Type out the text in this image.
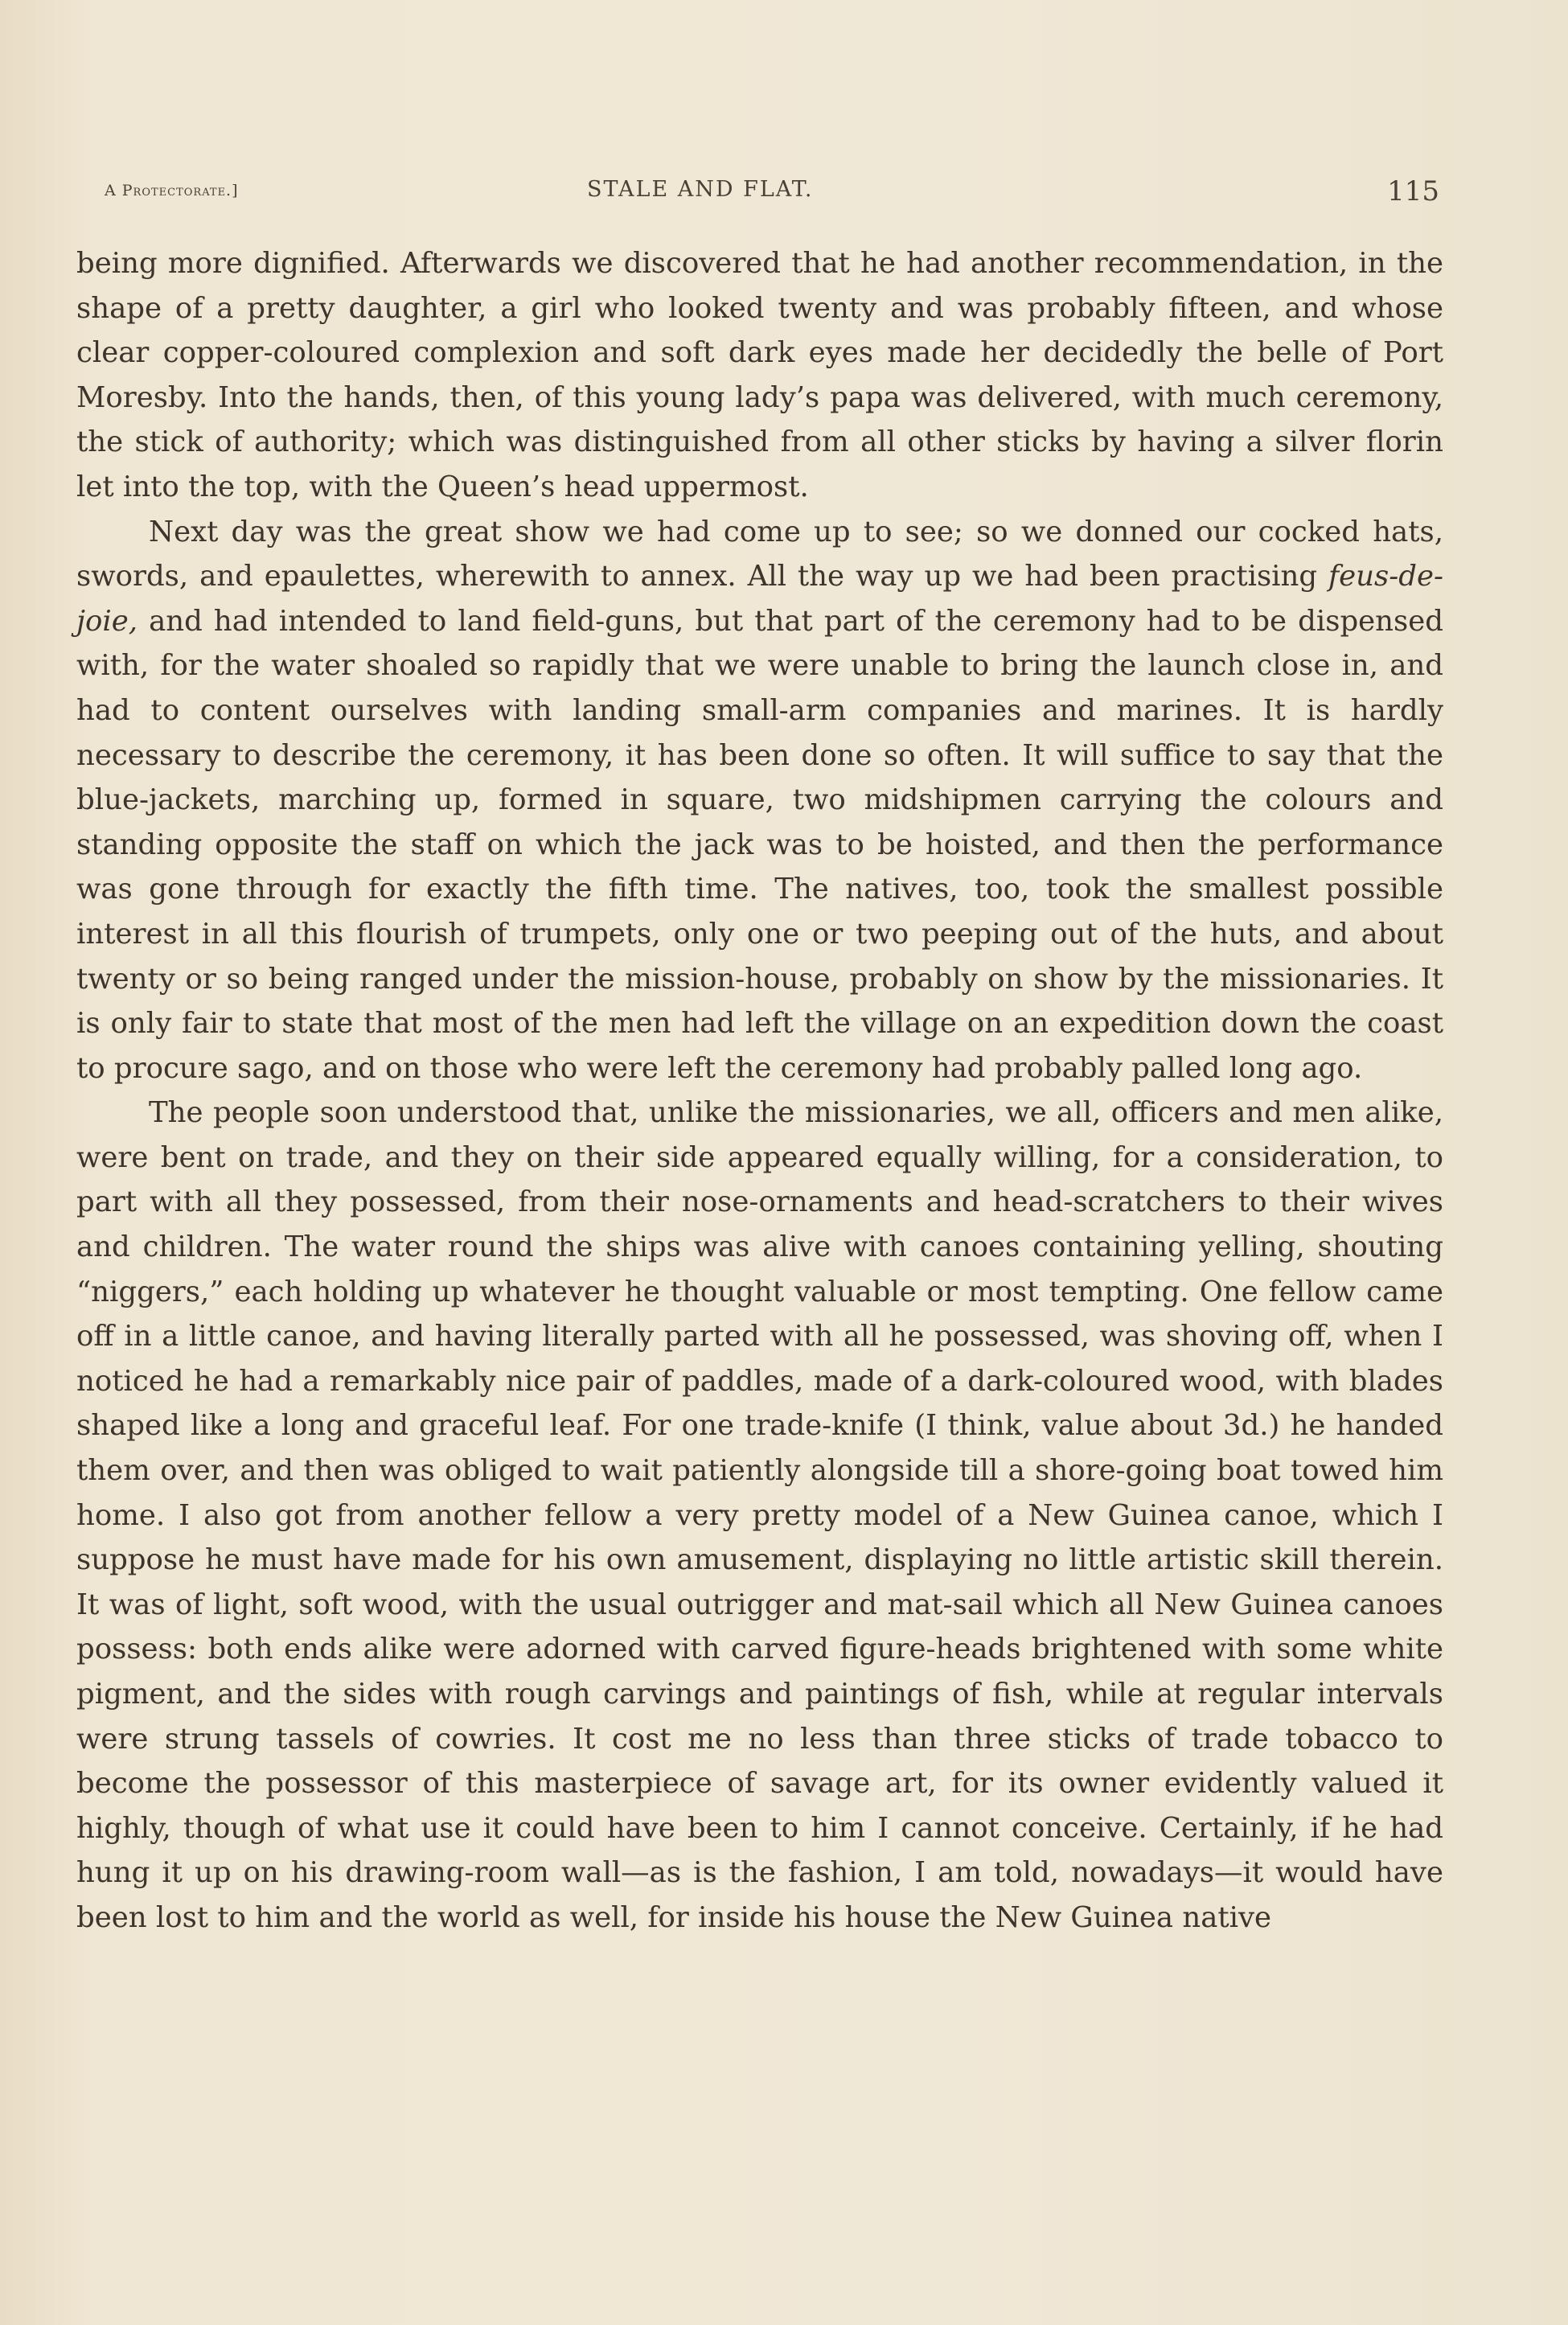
A Protectorate.]	STALE AND FLAT.	115

being more dignified. Afterwards we discovered that he had another recommendation, in the shape of a pretty daughter, a girl who looked twenty and was probably fifteen, and whose clear copper-coloured complexion and soft dark eyes made her decidedly the belle of Port Moresby. Into the hands, then, of this young lady’s papa was delivered, with much ceremony, the stick of authority; which was distinguished from all other sticks by having a silver florin let into the top, with the Queen’s head uppermost.

Next day was the great show we had come up to see; so we donned our cocked hats, swords, and epaulettes, wherewith to annex. All the way up we had been practising feus-de-joie, and had intended to land field-guns, but that part of the ceremony had to be dispensed with, for the water shoaled so rapidly that we were unable to bring the launch close in, and had to content ourselves with landing small-arm companies and marines. It is hardly necessary to describe the ceremony, it has been done so often. It will suffice to say that the blue-jackets, marching up, formed in square, two midshipmen carrying the colours and standing opposite the staff on which the jack was to be hoisted, and then the performance was gone through for exactly the fifth time. The natives, too, took the smallest possible interest in all this flourish of trumpets, only one or two peeping out of the huts, and about twenty or so being ranged under the mission-house, probably on show by the missionaries. It is only fair to state that most of the men had left the village on an expedition down the coast to procure sago, and on those who were left the ceremony had probably palled long ago.

The people soon understood that, unlike the missionaries, we all, officers and men alike, were bent on trade, and they on their side appeared equally willing, for a consideration, to part with all they possessed, from their nose-ornaments and head-scratchers to their wives and children. The water round the ships was alive with canoes containing yelling, shouting “niggers,” each holding up whatever he thought valuable or most tempting. One fellow came off in a little canoe, and having literally parted with all he possessed, was shoving off, when I noticed he had a remarkably nice pair of paddles, made of a dark-coloured wood, with blades shaped like a long and graceful leaf. For one trade-knife (I think, value about 3d.) he handed them over, and then was obliged to wait patiently alongside till a shore-going boat towed him home. I also got from another fellow a very pretty model of a New Guinea canoe, which I suppose he must have made for his own amusement, displaying no little artistic skill therein. It was of light, soft wood, with the usual outrigger and mat-sail which all New Guinea canoes possess: both ends alike were adorned with carved figure-heads brightened with some white pigment, and the sides with rough carvings and paintings of fish, while at regular intervals were strung tassels of cowries. It cost me no less than three sticks of trade tobacco to become the possessor of this masterpiece of savage art, for its owner evidently valued it highly, though of what use it could have been to him I cannot conceive. Certainly, if he had hung it up on his drawing-room wall—as is the fashion, I am told, nowadays—it would have been lost to him and the world as well, for inside his house the New Guinea native
